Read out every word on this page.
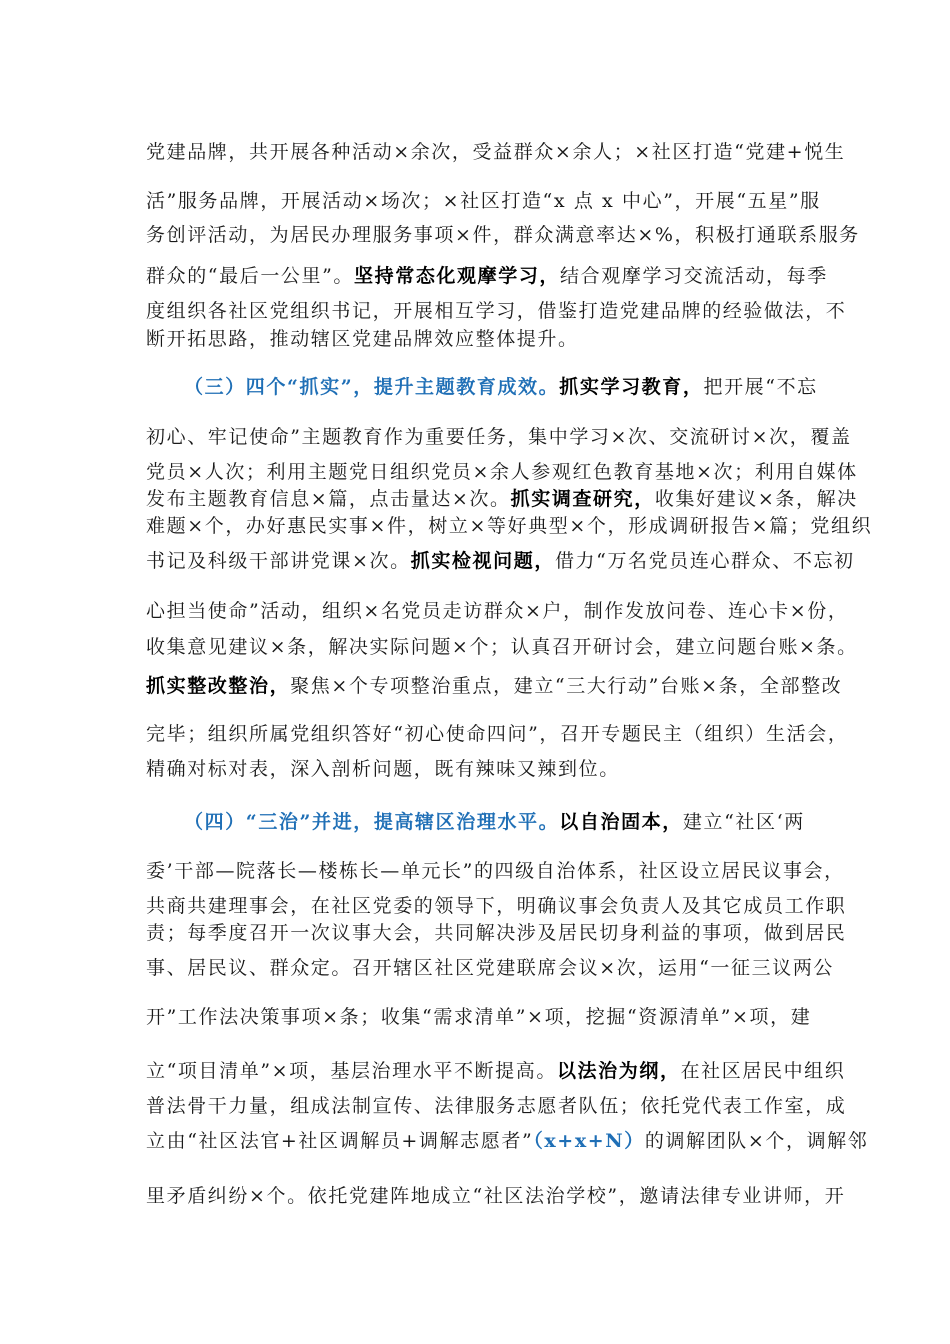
党建品牌，共开展各种活动×余次，受益群众×余人；×社区打造“党建+悦生
活”服务品牌，开展活动×场次；×社区打造“x 点 x 中心”，开展“五星”服
务创评活动，为居民办理服务事项×件，群众满意率达×%，积极打通联系服务
群众的“最后一公里”。坚持常态化观摩学习，结合观摩学习交流活动，每季
度组织各社区党组织书记，开展相互学习，借鉴打造党建品牌的经验做法，不
断开拓思路，推动辖区党建品牌效应整体提升。
（三）四个“抓实”，提升主题教育成效。抓实学习教育，把开展“不忘
初心、牢记使命”主题教育作为重要任务，集中学习×次、交流研讨×次，覆盖
党员×人次；利用主题党日组织党员×余人参观红色教育基地×次；利用自媒体
发布主题教育信息×篇，点击量达×次。抓实调查研究，收集好建议×条，解决
难题×个，办好惠民实事×件，树立×等好典型×个，形成调研报告×篇；党组织
书记及科级干部讲党课×次。抓实检视问题，借力“万名党员连心群众、不忘初
心担当使命”活动，组织×名党员走访群众×户，制作发放问卷、连心卡×份，
收集意见建议×条，解决实际问题×个；认真召开研讨会，建立问题台账×条。
抓实整改整治，聚焦×个专项整治重点，建立“三大行动”台账×条，全部整改
完毕；组织所属党组织答好“初心使命四问”，召开专题民主（组织）生活会，
精确对标对表，深入剖析问题，既有辣味又辣到位。
（四）“三治”并进，提高辖区治理水平。以自治固本，建立“社区‘两
委’干部—院落长—楼栋长—单元长”的四级自治体系，社区设立居民议事会，
共商共建理事会，在社区党委的领导下，明确议事会负责人及其它成员工作职
责；每季度召开一次议事大会，共同解决涉及居民切身利益的事项，做到居民
事、居民议、群众定。召开辖区社区党建联席会议×次，运用“一征三议两公
开”工作法决策事项×条；收集“需求清单”×项，挖掘“资源清单”×项，建
立“项目清单”×项，基层治理水平不断提高。以法治为纲，在社区居民中组织
普法骨干力量，组成法制宣传、法律服务志愿者队伍；依托党代表工作室，成
立由“社区法官+社区调解员+调解志愿者”（x+x+N）的调解团队×个，调解邻
里矛盾纠纷×个。依托党建阵地成立“社区法治学校”，邀请法律专业讲师，开
